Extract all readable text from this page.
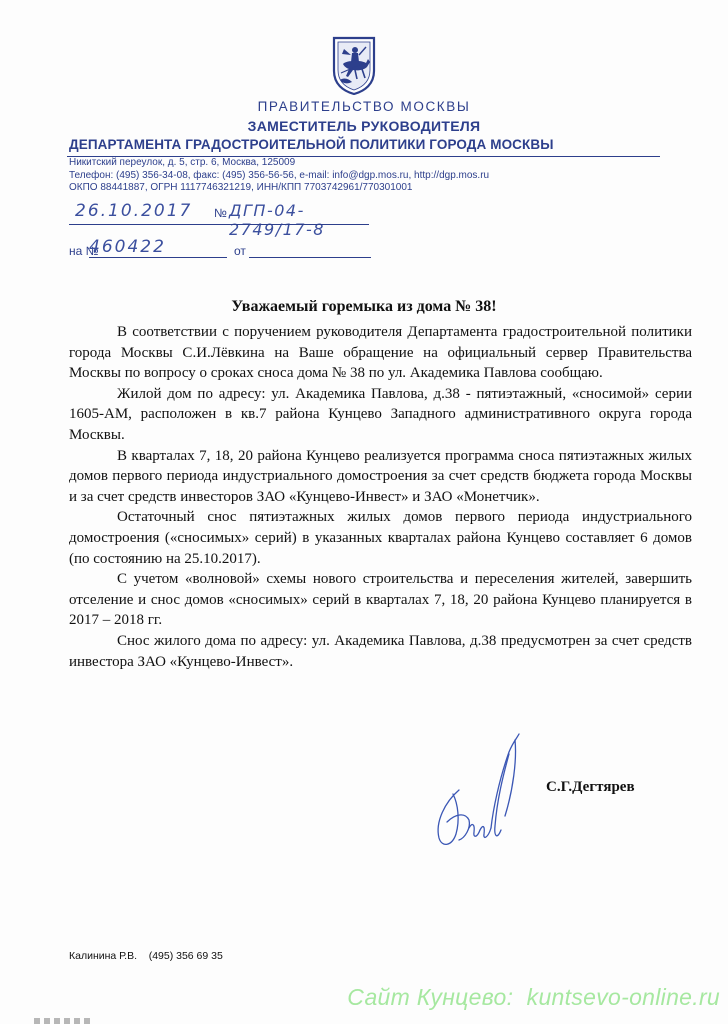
ПРАВИТЕЛЬСТВО МОСКВЫ
ЗАМЕСТИТЕЛЬ РУКОВОДИТЕЛЯ
ДЕПАРТАМЕНТА ГРАДОСТРОИТЕЛЬНОЙ ПОЛИТИКИ ГОРОДА МОСКВЫ
Никитский переулок, д. 5, стр. 6, Москва, 125009
Телефон: (495) 356-34-08, факс: (495) 356-56-56, e-mail: info@dgp.mos.ru, http://dgp.mos.ru
ОКПО 88441887, ОГРН 1117746321219, ИНН/КПП 7703742961/770301001
26.10.2017 № ДГП-04-2749/17-8
на №
460422	от
Уважаемый горемыка из дома № 38!

В соответствии с поручением руководителя Департамента градостроительной политики города Москвы С.И.Лёвкина на Ваше обращение на официальный сервер Правительства Москвы по вопросу о сроках сноса дома № 38 по ул. Академика Павлова сообщаю.

Жилой дом по адресу: ул. Академика Павлова, д.38 - пятиэтажный, «сносимой» серии 1605-АМ, расположен в кв.7 района Кунцево Западного административного округа города Москвы.

В кварталах 7, 18, 20 района Кунцево реализуется программа сноса пятиэтажных жилых домов первого периода индустриального домостроения за счет средств бюджета города Москвы и за счет средств инвесторов ЗАО «Кунцево-Инвест» и ЗАО «Монетчик».

Остаточный снос пятиэтажных жилых домов первого периода индустриального домостроения («сносимых» серий) в указанных кварталах района Кунцево составляет 6 домов (по состоянию на 25.10.2017).

С учетом «волновой» схемы нового строительства и переселения жителей, завершить отселение и снос домов «сносимых» серий в кварталах 7, 18, 20 района Кунцево планируется в 2017 – 2018 гг.

Снос жилого дома по адресу: ул. Академика Павлова, д.38 предусмотрен за счет средств инвестора ЗАО «Кунцево-Инвест».

С.Г.Дегтярев
Калинина Р.В.    (495) 356 69 35
Сайт Кунцево:  kuntsevo-online.ru
